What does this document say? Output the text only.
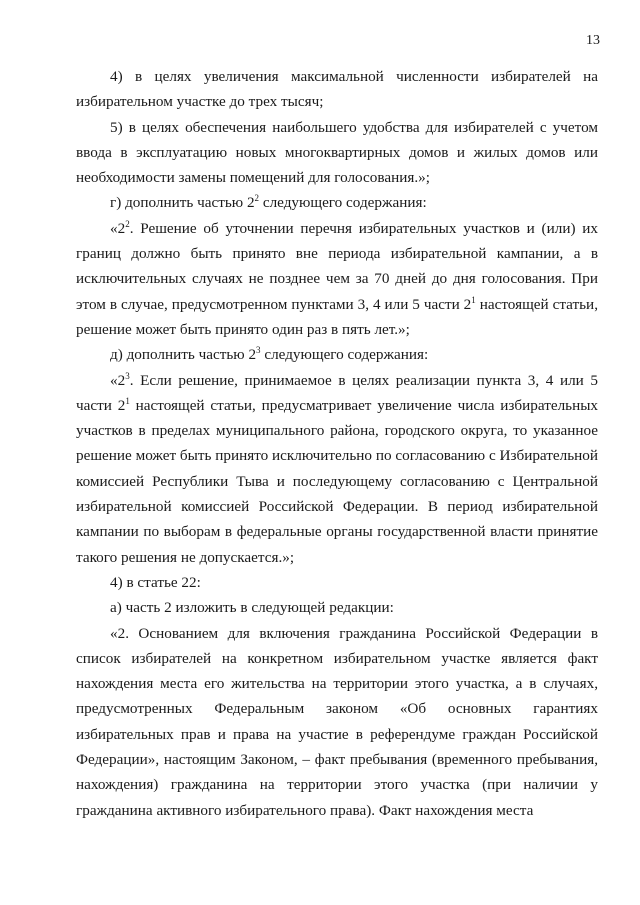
13

4) в целях увеличения максимальной численности избирателей на избирательном участке до трех тысяч;

5) в целях обеспечения наибольшего удобства для избирателей с учетом ввода в эксплуатацию новых многоквартирных домов и жилых домов или необходимости замены помещений для голосования.»;

г) дополнить частью $2^2$ следующего содержания:

«$2^2$. Решение об уточнении перечня избирательных участков и (или) их границ должно быть принято вне периода избирательной кампании, а в исключительных случаях не позднее чем за 70 дней до дня голосования. При этом в случае, предусмотренном пунктами 3, 4 или 5 части $2^1$ настоящей статьи, решение может быть принято один раз в пять лет.»;

д) дополнить частью $2^3$ следующего содержания:

«$2^3$. Если решение, принимаемое в целях реализации пункта 3, 4 или 5 части $2^1$ настоящей статьи, предусматривает увеличение числа избирательных участков в пределах муниципального района, городского округа, то указанное решение может быть принято исключительно по согласованию с Избирательной комиссией Республики Тыва и последующему согласованию с Центральной избирательной комиссией Российской Федерации. В период избирательной кампании по выборам в федеральные органы государственной власти принятие такого решения не допускается.»;

4) в статье 22:

а) часть 2 изложить в следующей редакции:

«2. Основанием для включения гражданина Российской Федерации в список избирателей на конкретном избирательном участке является факт нахождения места его жительства на территории этого участка, а в случаях, предусмотренных Федеральным законом «Об основных гарантиях избирательных прав и права на участие в референдуме граждан Российской Федерации», настоящим Законом, – факт пребывания (временного пребывания, нахождения) гражданина на территории этого участка (при наличии у гражданина активного избирательного права). Факт нахождения места
